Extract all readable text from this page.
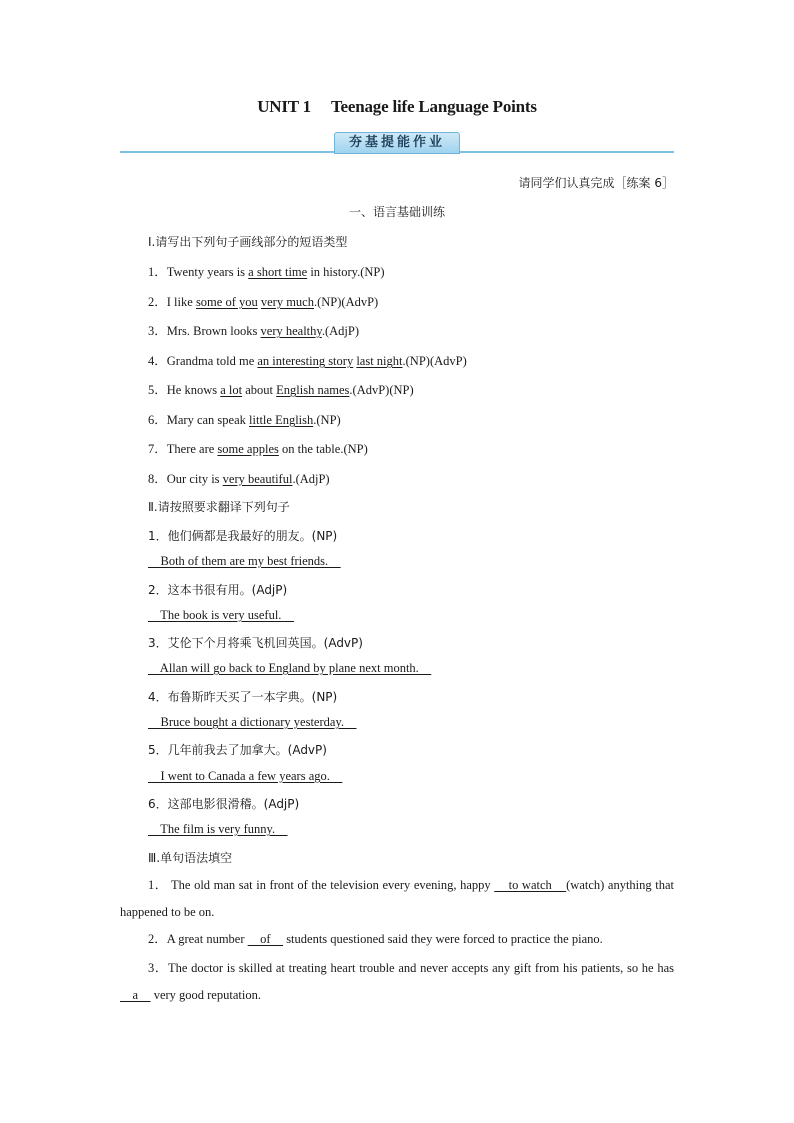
UNIT 1 Teenage life Language Points
夯基提能作业
请同学们认真完成［练案 6］
一、语言基础训练
Ⅰ.请写出下列句子画线部分的短语类型
1．Twenty years is a short time in history.(NP)
2．I like some of you very much.(NP)(AdvP)
3．Mrs. Brown looks very healthy.(AdjP)
4．Grandma told me an interesting story last night.(NP)(AdvP)
5．He knows a lot about English names.(AdvP)(NP)
6．Mary can speak little English.(NP)
7．There are some apples on the table.(NP)
8．Our city is very beautiful.(AdjP)
Ⅱ.请按照要求翻译下列句子
1．他们俩都是我最好的朋友。(NP)
Both of them are my best friends.
2．这本书很有用。(AdjP)
The book is very useful.
3．艾伦下个月将乘飞机回英国。(AdvP)
Allan will go back to England by plane next month.
4．布鲁斯昨天买了一本字典。(NP)
Bruce bought a dictionary yesterday.
5．几年前我去了加拿大。(AdvP)
I went to Canada a few years ago.
6．这部电影很滑稽。(AdjP)
The film is very funny.
Ⅲ.单句语法填空
1． The old man sat in front of the television every evening, happy     to watch    (watch) anything that happened to be on.
2．A great number     of     students questioned said they were forced to practice the piano.
3．The doctor is skilled at treating heart trouble and never accepts any gift from his patients, so he has     a     very good reputation.
